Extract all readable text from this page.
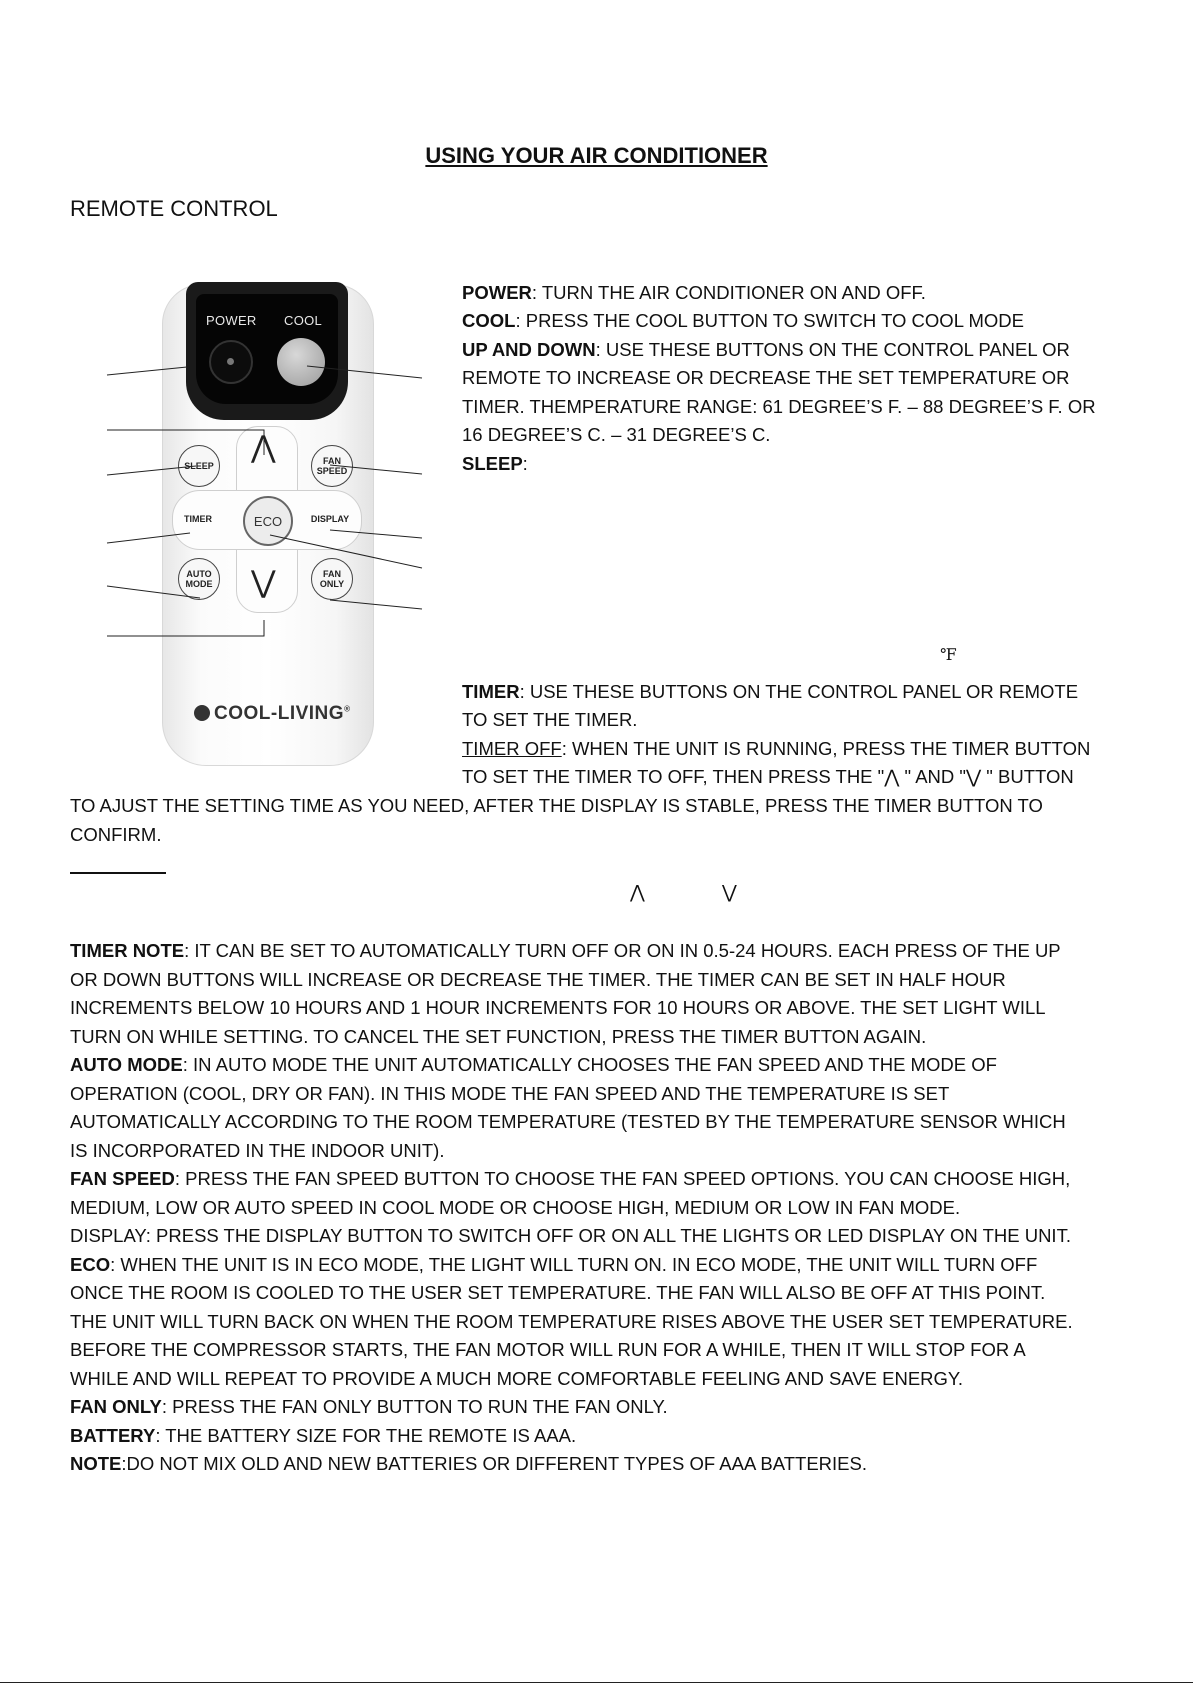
USING YOUR AIR CONDITIONER
REMOTE CONTROL
POWER COOL
⋀
⋁
SLEEP	FAN SPEED
TIMER	DISPLAY
ECO
AUTO MODE
FAN ONLY
COOL-LIVING®
POWER: TURN THE AIR CONDITIONER ON AND OFF.
COOL: PRESS THE COOL BUTTON TO SWITCH TO COOL MODE
UP AND DOWN: USE THESE BUTTONS ON THE CONTROL PANEL OR
REMOTE TO INCREASE OR DECREASE THE SET TEMPERATURE OR
TIMER. THEMPERATURE RANGE: 61 DEGREE’S F. – 88 DEGREE’S F. OR
16 DEGREE’S C. – 31 DEGREE’S C.
SLEEP:
℉
TIMER: USE THESE BUTTONS ON THE CONTROL PANEL OR REMOTE
TO SET THE TIMER.
TIMER OFF: WHEN THE UNIT IS RUNNING, PRESS THE TIMER BUTTON
TO SET THE TIMER TO OFF, THEN PRESS THE "⋀ " AND "⋁ " BUTTON
TO AJUST THE SETTING TIME AS YOU NEED, AFTER THE DISPLAY IS STABLE, PRESS THE TIMER BUTTON TO
CONFIRM.
⋀	⋁
TIMER NOTE: IT CAN BE SET TO AUTOMATICALLY TURN OFF OR ON IN 0.5-24 HOURS. EACH PRESS OF THE UP
OR DOWN BUTTONS WILL INCREASE OR DECREASE THE TIMER. THE TIMER CAN BE SET IN HALF HOUR
INCREMENTS BELOW 10 HOURS AND 1 HOUR INCREMENTS FOR 10 HOURS OR ABOVE. THE SET LIGHT WILL
TURN ON WHILE SETTING. TO CANCEL THE SET FUNCTION, PRESS THE TIMER BUTTON AGAIN.
AUTO MODE: IN AUTO MODE THE UNIT AUTOMATICALLY CHOOSES THE FAN SPEED AND THE MODE OF
OPERATION (COOL, DRY OR FAN). IN THIS MODE THE FAN SPEED AND THE TEMPERATURE IS SET
AUTOMATICALLY ACCORDING TO THE ROOM TEMPERATURE (TESTED BY THE TEMPERATURE SENSOR WHICH
IS INCORPORATED IN THE INDOOR UNIT).
FAN SPEED: PRESS THE FAN SPEED BUTTON TO CHOOSE THE FAN SPEED OPTIONS. YOU CAN CHOOSE HIGH,
MEDIUM, LOW OR AUTO SPEED IN COOL MODE OR CHOOSE HIGH, MEDIUM OR LOW IN FAN MODE.
DISPLAY: PRESS THE DISPLAY BUTTON TO SWITCH OFF OR ON ALL THE LIGHTS OR LED DISPLAY ON THE UNIT.
ECO: WHEN THE UNIT IS IN ECO MODE, THE LIGHT WILL TURN ON. IN ECO MODE, THE UNIT WILL TURN OFF
ONCE THE ROOM IS COOLED TO THE USER SET TEMPERATURE. THE FAN WILL ALSO BE OFF AT THIS POINT.
THE UNIT WILL TURN BACK ON WHEN THE ROOM TEMPERATURE RISES ABOVE THE USER SET TEMPERATURE.
BEFORE THE COMPRESSOR STARTS, THE FAN MOTOR WILL RUN FOR A WHILE, THEN IT WILL STOP FOR A
WHILE AND WILL REPEAT TO PROVIDE A MUCH MORE COMFORTABLE FEELING AND SAVE ENERGY.
FAN ONLY: PRESS THE FAN ONLY BUTTON TO RUN THE FAN ONLY.
BATTERY: THE BATTERY SIZE FOR THE REMOTE IS AAA.
NOTE:DO NOT MIX OLD AND NEW BATTERIES OR DIFFERENT TYPES OF AAA BATTERIES.
